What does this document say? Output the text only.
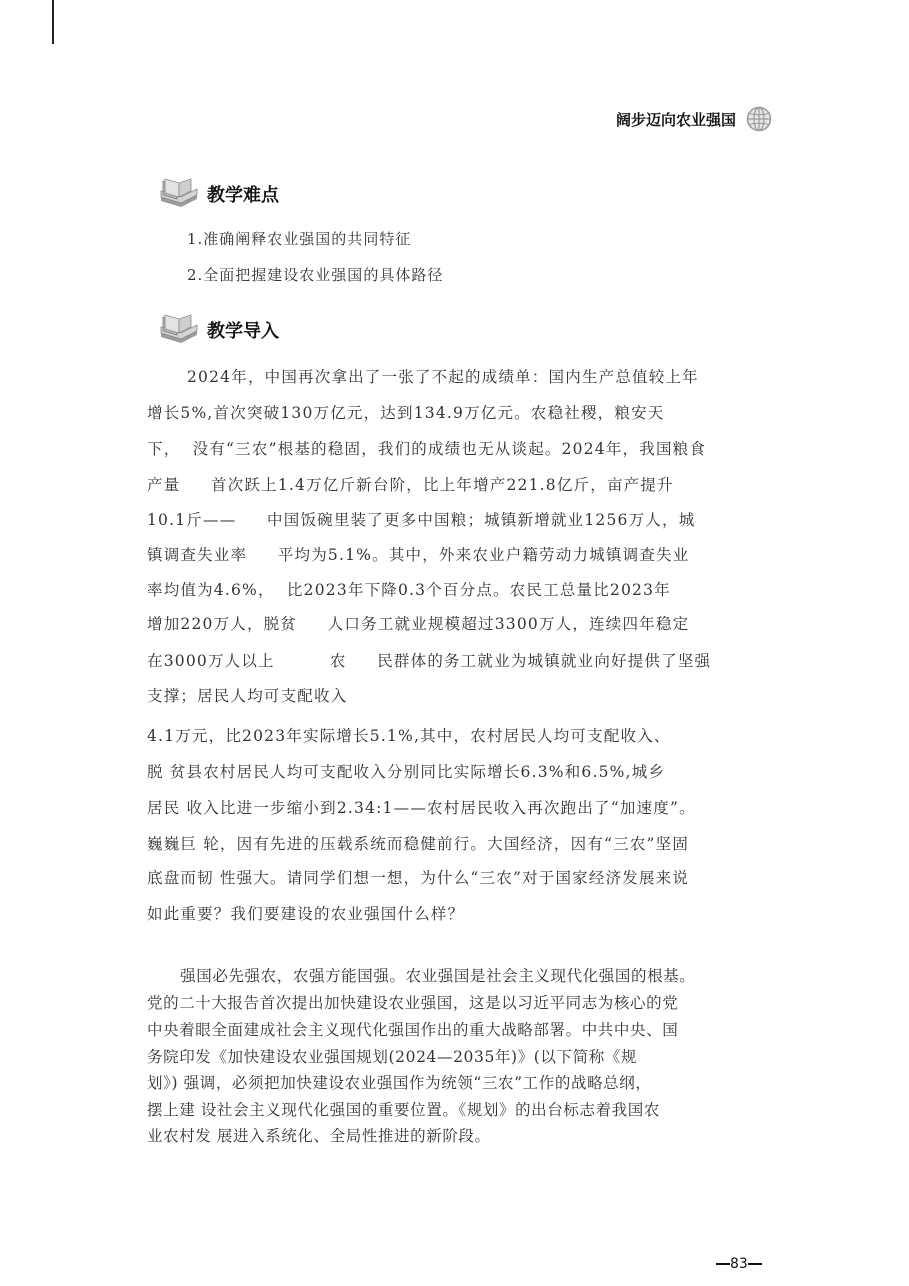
阔步迈向农业强国
教学难点
1.准确阐释农业强国的共同特征
2.全面把握建设农业强国的具体路径
教学导入
2024年，中国再次拿出了一张了不起的成绩单：国内生产总值较上年
增长5%,首次突破130万亿元，达到134.9万亿元。农稳社稷，粮安天
下，  没有“三农”根基的稳固，我们的成绩也无从谈起。2024年，我国粮食
产量     首次跃上1.4万亿斤新台阶，比上年增产221.8亿斤，亩产提升
10.1斤——     中国饭碗里装了更多中国粮；城镇新增就业1256万人，城
镇调查失业率     平均为5.1%。其中，外来农业户籍劳动力城镇调查失业
率均值为4.6%，  比2023年下降0.3个百分点。农民工总量比2023年
增加220万人，脱贫     人口务工就业规模超过3300万人，连续四年稳定
在3000万人以上         农     民群体的务工就业为城镇就业向好提供了坚强
支撑；居民人均可支配收入
4.1万元，比2023年实际增长5.1%,其中，农村居民人均可支配收入、
脱 贫县农村居民人均可支配收入分别同比实际增长6.3%和6.5%,城乡
居民 收入比进一步缩小到2.34:1——农村居民收入再次跑出了“加速度”。
巍巍巨 轮，因有先进的压载系统而稳健前行。大国经济，因有“三农”坚固
底盘而韧 性强大。请同学们想一想，为什么“三农”对于国家经济发展来说
如此重要？我们要建设的农业强国什么样？
强国必先强农，农强方能国强。农业强国是社会主义现代化强国的根基。
党的二十大报告首次提出加快建设农业强国，这是以习近平同志为核心的党
中央着眼全面建成社会主义现代化强国作出的重大战略部署。中共中央、国
务院印发《加快建设农业强国规划(2024—2035年)》(以下简称《规
划》) 强调，必须把加快建设农业强国作为统领“三农”工作的战略总纲，
摆上建 设社会主义现代化强国的重要位置。《规划》的出台标志着我国农
业农村发 展进入系统化、全局性推进的新阶段。
83
